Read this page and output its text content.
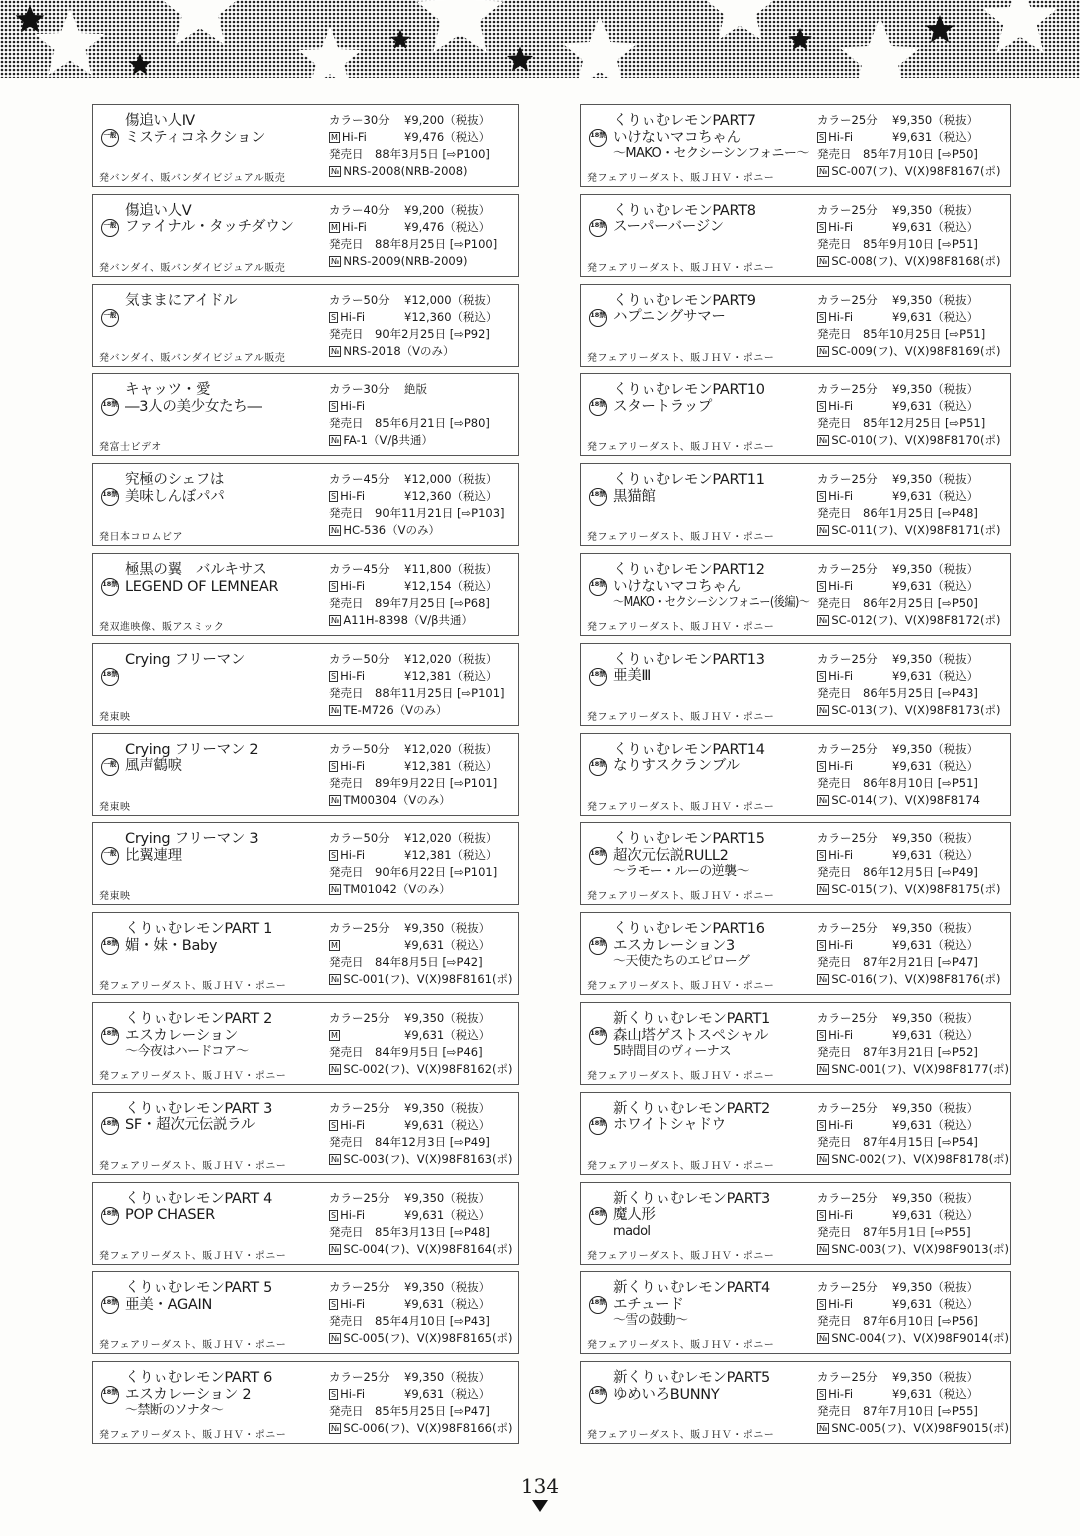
傷追い人Ⅳ
ミスティコネクション
一般
発バンダイ、販バンダイビジュアル販売
カラー30分 ¥9,200（税抜）
M Hi-Fi	¥9,476（税込）
発売日　88年3月5日 [⇨P100]
№ NRS-2008(NRB-2008)
傷追い人Ⅴ
ファイナル・タッチダウン
一般
発バンダイ、販バンダイビジュアル販売
カラー40分 ¥9,200（税抜）
M Hi-Fi	¥9,476（税込）
発売日　88年8月25日 [⇨P100]
№ NRS-2009(NRB-2009)
気ままにアイドル
一般
発バンダイ、販バンダイビジュアル販売
カラー50分 ¥12,000（税抜）
S Hi-Fi	¥12,360（税込）
発売日　90年2月25日 [⇨P92]
№ NRS-2018（Vのみ）
キャッツ・愛
―3人の美少女たち―
18禁
発富士ビデオ
カラー30分 絶版
S Hi-Fi
発売日　85年6月21日 [⇨P80]
№ FA-1（V/β共通）
究極のシェフは
美味しんぼパパ
18禁
発日本コロムビア
カラー45分 ¥12,000（税抜）
S Hi-Fi	¥12,360（税込）
発売日　90年11月21日 [⇨P103]
№ HC-536（Vのみ）
極黒の翼　バルキサス
LEGEND OF LEMNEAR
18禁
発双進映像、販アスミック
カラー45分 ¥11,800（税抜）
S Hi-Fi	¥12,154（税込）
発売日　89年7月25日 [⇨P68]
№ A11H-8398（V/β共通）
Crying フリーマン
18禁
発東映
カラー50分 ¥12,020（税抜）
S Hi-Fi	¥12,381（税込）
発売日　88年11月25日 [⇨P101]
№ TE-M726（Vのみ）
Crying フリーマン 2
風声鶴唳
一般
発東映
カラー50分 ¥12,020（税抜）
S Hi-Fi	¥12,381（税込）
発売日　89年9月22日 [⇨P101]
№ TM00304（Vのみ）
Crying フリーマン 3
比翼連理
一般
発東映
カラー50分 ¥12,020（税抜）
S Hi-Fi	¥12,381（税込）
発売日　90年6月22日 [⇨P101]
№ TM01042（Vのみ）
くりぃむレモンPART 1
媚・妹・Baby
18禁
発フェアリーダスト、販ＪＨＶ・ポニー
カラー25分 ¥9,350（税抜）
M	¥9,631（税込）
発売日　84年8月5日 [⇨P42]
№ SC-001(フ)、V(X)98F8161(ポ)
くりぃむレモンPART 2
エスカレーション
～今夜はハードコア～
18禁
発フェアリーダスト、販ＪＨＶ・ポニー
カラー25分 ¥9,350（税抜）
M	¥9,631（税込）
発売日　84年9月5日 [⇨P46]
№ SC-002(フ)、V(X)98F8162(ポ)
くりぃむレモンPART 3
SF・超次元伝説ラル
18禁
発フェアリーダスト、販ＪＨＶ・ポニー
カラー25分 ¥9,350（税抜）
S Hi-Fi	¥9,631（税込）
発売日　84年12月3日 [⇨P49]
№ SC-003(フ)、V(X)98F8163(ポ)
くりぃむレモンPART 4
POP CHASER
18禁
発フェアリーダスト、販ＪＨＶ・ポニー
カラー25分 ¥9,350（税抜）
S Hi-Fi	¥9,631（税込）
発売日　85年3月13日 [⇨P48]
№ SC-004(フ)、V(X)98F8164(ポ)
くりぃむレモンPART 5
亜美・AGAIN
18禁
発フェアリーダスト、販ＪＨＶ・ポニー
カラー25分 ¥9,350（税抜）
S Hi-Fi	¥9,631（税込）
発売日　85年4月10日 [⇨P43]
№ SC-005(フ)、V(X)98F8165(ポ)
くりぃむレモンPART 6
エスカレーション 2
～禁断のソナタ～
18禁
発フェアリーダスト、販ＪＨＶ・ポニー
カラー25分 ¥9,350（税抜）
S Hi-Fi	¥9,631（税込）
発売日　85年5月25日 [⇨P47]
№ SC-006(フ)、V(X)98F8166(ポ)
くりぃむレモンPART7
いけないマコちゃん
～MAKO・セクシーシンフォニー～
18禁
発フェアリーダスト、販ＪＨＶ・ポニー
カラー25分 ¥9,350（税抜）
S Hi-Fi	¥9,631（税込）
発売日　85年7月10日 [⇨P50]
№ SC-007(フ)、V(X)98F8167(ポ)
くりぃむレモンPART8
スーパーバージン
18禁
発フェアリーダスト、販ＪＨＶ・ポニー
カラー25分 ¥9,350（税抜）
S Hi-Fi	¥9,631（税込）
発売日　85年9月10日 [⇨P51]
№ SC-008(フ)、V(X)98F8168(ポ)
くりぃむレモンPART9
ハプニングサマー
18禁
発フェアリーダスト、販ＪＨＶ・ポニー
カラー25分 ¥9,350（税抜）
S Hi-Fi	¥9,631（税込）
発売日　85年10月25日 [⇨P51]
№ SC-009(フ)、V(X)98F8169(ポ)
くりぃむレモンPART10
スタートラップ
18禁
発フェアリーダスト、販ＪＨＶ・ポニー
カラー25分 ¥9,350（税抜）
S Hi-Fi	¥9,631（税込）
発売日　85年12月25日 [⇨P51]
№ SC-010(フ)、V(X)98F8170(ポ)
くりぃむレモンPART11
黒猫館
18禁
発フェアリーダスト、販ＪＨＶ・ポニー
カラー25分 ¥9,350（税抜）
S Hi-Fi	¥9,631（税込）
発売日　86年1月25日 [⇨P48]
№ SC-011(フ)、V(X)98F8171(ポ)
くりぃむレモンPART12
いけないマコちゃん
～MAKO・セクシーシンフォニー(後編)～
18禁
発フェアリーダスト、販ＪＨＶ・ポニー
カラー25分 ¥9,350（税抜）
S Hi-Fi	¥9,631（税込）
発売日　86年2月25日 [⇨P50]
№ SC-012(フ)、V(X)98F8172(ポ)
くりぃむレモンPART13
亜美Ⅲ
18禁
発フェアリーダスト、販ＪＨＶ・ポニー
カラー25分 ¥9,350（税抜）
S Hi-Fi	¥9,631（税込）
発売日　86年5月25日 [⇨P43]
№ SC-013(フ)、V(X)98F8173(ポ)
くりぃむレモンPART14
なりすスクランブル
18禁
発フェアリーダスト、販ＪＨＶ・ポニー
カラー25分 ¥9,350（税抜）
S Hi-Fi	¥9,631（税込）
発売日　86年8月10日 [⇨P51]
№ SC-014(フ)、V(X)98F8174
くりぃむレモンPART15
超次元伝説RULL2
～ラモー・ルーの逆襲～
18禁
発フェアリーダスト、販ＪＨＶ・ポニー
カラー25分 ¥9,350（税抜）
S Hi-Fi	¥9,631（税込）
発売日　86年12月5日 [⇨P49]
№ SC-015(フ)、V(X)98F8175(ポ)
くりぃむレモンPART16
エスカレーション3
～天使たちのエピローグ
18禁
発フェアリーダスト、販ＪＨＶ・ポニー
カラー25分 ¥9,350（税抜）
S Hi-Fi	¥9,631（税込）
発売日　87年2月21日 [⇨P47]
№ SC-016(フ)、V(X)98F8176(ポ)
新くりぃむレモンPART1
森山塔ゲストスペシャル
5時間目のヴィーナス
18禁
発フェアリーダスト、販ＪＨＶ・ポニー
カラー25分 ¥9,350（税抜）
S Hi-Fi	¥9,631（税込）
発売日　87年3月21日 [⇨P52]
№ SNC-001(フ)、V(X)98F8177(ポ)
新くりぃむレモンPART2
ホワイトシャドウ
18禁
発フェアリーダスト、販ＪＨＶ・ポニー
カラー25分 ¥9,350（税抜）
S Hi-Fi	¥9,631（税込）
発売日　87年4月15日 [⇨P54]
№ SNC-002(フ)、V(X)98F8178(ポ)
新くりぃむレモンPART3
魔人形
madol
18禁
発フェアリーダスト、販ＪＨＶ・ポニー
カラー25分 ¥9,350（税抜）
S Hi-Fi	¥9,631（税込）
発売日　87年5月1日 [⇨P55]
№ SNC-003(フ)、V(X)98F9013(ポ)
新くりぃむレモンPART4
エチュード
～雪の鼓動～
18禁
発フェアリーダスト、販ＪＨＶ・ポニー
カラー25分 ¥9,350（税抜）
S Hi-Fi	¥9,631（税込）
発売日　87年6月10日 [⇨P56]
№ SNC-004(フ)、V(X)98F9014(ポ)
新くりぃむレモンPART5
ゆめいろBUNNY
18禁
発フェアリーダスト、販ＪＨＶ・ポニー
カラー25分 ¥9,350（税抜）
S Hi-Fi	¥9,631（税込）
発売日　87年7月10日 [⇨P55]
№ SNC-005(フ)、V(X)98F9015(ポ)
134
